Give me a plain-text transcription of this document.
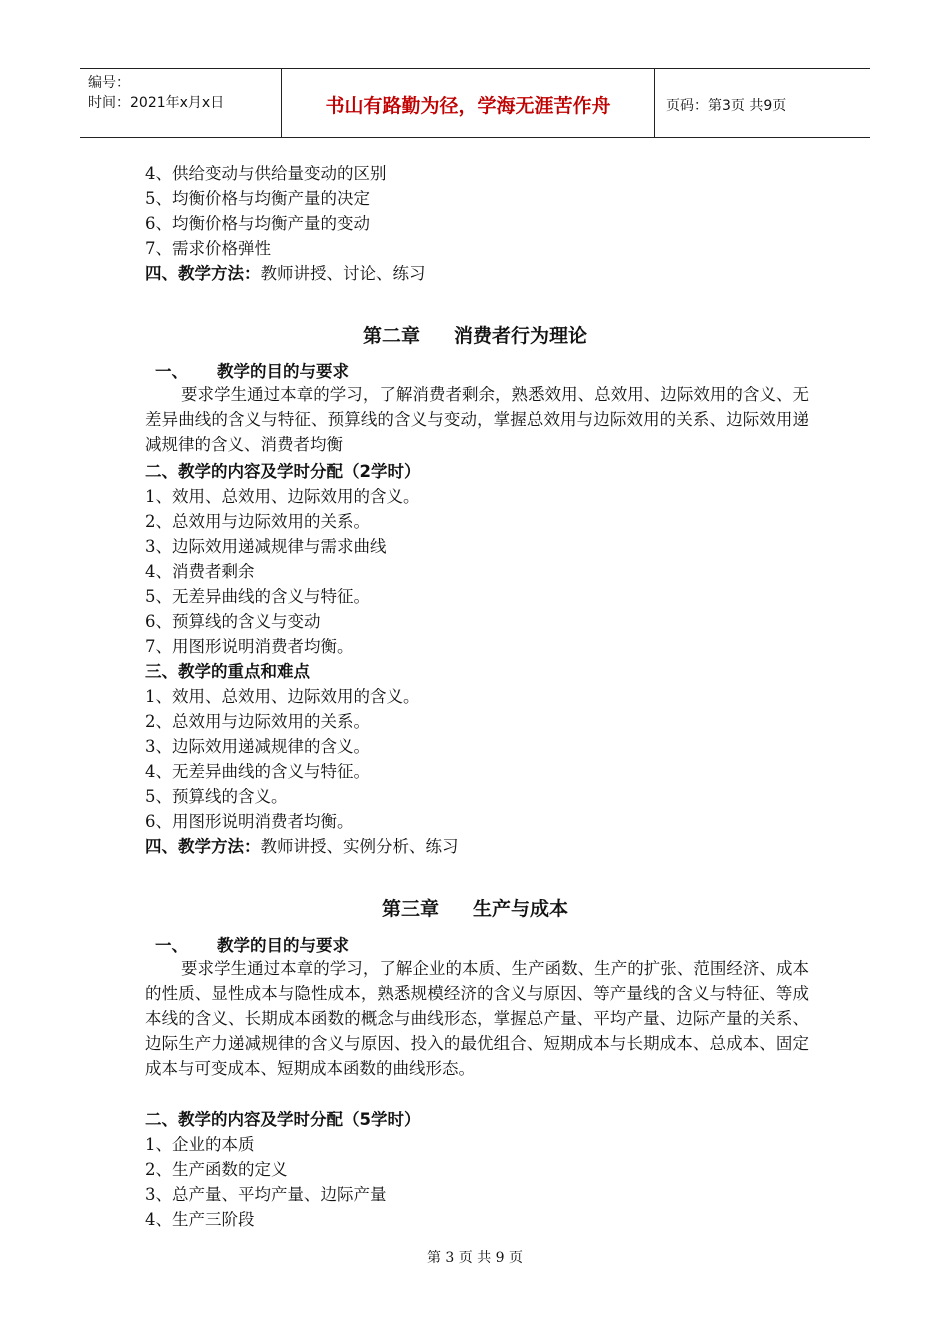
编号：
时间：2021年x月x日	书山有路勤为径，学海无涯苦作舟	页码：第3页 共9页
4、供给变动与供给量变动的区别
5、均衡价格与均衡产量的决定
6、均衡价格与均衡产量的变动
7、需求价格弹性
四、教学方法：教师讲授、讨论、练习
第二章 消费者行为理论
一、 教学的目的与要求
要求学生通过本章的学习，了解消费者剩余，熟悉效用、总效用、边际效用的含义、无差异曲线的含义与特征、预算线的含义与变动，掌握总效用与边际效用的关系、边际效用递减规律的含义、消费者均衡
二、教学的内容及学时分配（2学时）
1、效用、总效用、边际效用的含义。
2、总效用与边际效用的关系。
3、边际效用递减规律与需求曲线
4、消费者剩余
5、无差异曲线的含义与特征。
6、预算线的含义与变动
7、用图形说明消费者均衡。
三、教学的重点和难点
1、效用、总效用、边际效用的含义。
2、总效用与边际效用的关系。
3、边际效用递减规律的含义。
4、无差异曲线的含义与特征。
5、预算线的含义。
6、用图形说明消费者均衡。
四、教学方法：教师讲授、实例分析、练习
第三章 生产与成本
一、 教学的目的与要求
要求学生通过本章的学习，了解企业的本质、生产函数、生产的扩张、范围经济、成本的性质、显性成本与隐性成本，熟悉规模经济的含义与原因、等产量线的含义与特征、等成本线的含义、长期成本函数的概念与曲线形态，掌握总产量、平均产量、边际产量的关系、边际生产力递减规律的含义与原因、投入的最优组合、短期成本与长期成本、总成本、固定成本与可变成本、短期成本函数的曲线形态。
二、教学的内容及学时分配（5学时）
1、企业的本质
2、生产函数的定义
3、总产量、平均产量、边际产量
4、生产三阶段
第 3 页 共 9 页
